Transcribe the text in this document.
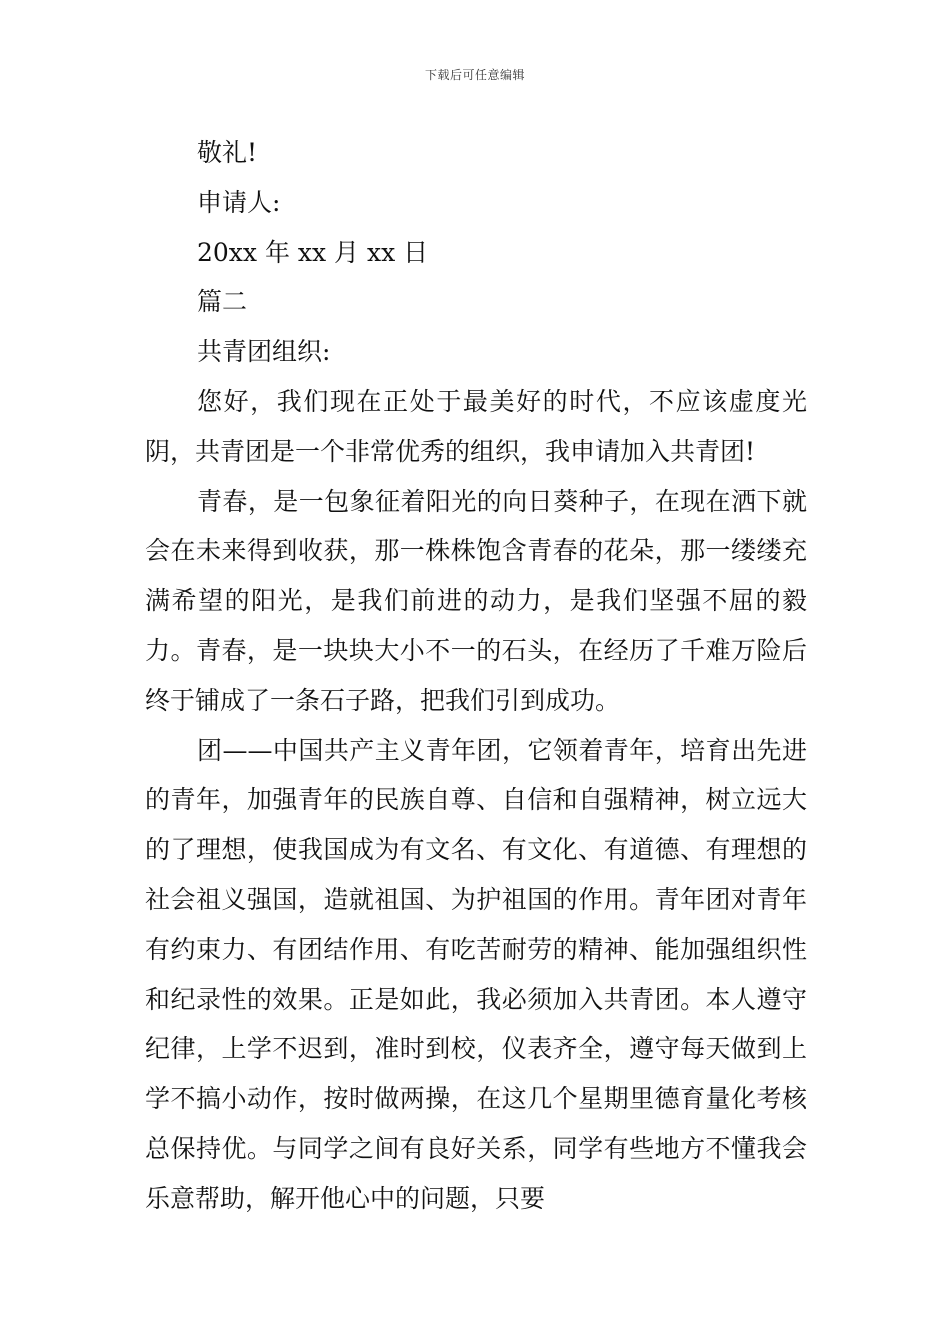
下载后可任意编辑
敬礼!
申请人:
20xx 年 xx 月 xx 日
篇二
共青团组织:

您好，我们现在正处于最美好的时代，不应该虚度光阴，共青团是一个非常优秀的组织，我申请加入共青团!

青春，是一包象征着阳光的向日葵种子，在现在洒下就会在未来得到收获，那一株株饱含青春的花朵，那一缕缕充满希望的阳光，是我们前进的动力，是我们坚强不屈的毅力。青春，是一块块大小不一的石头，在经历了千难万险后终于铺成了一条石子路，把我们引到成功。

团——中国共产主义青年团，它领着青年，培育出先进的青年，加强青年的民族自尊、自信和自强精神，树立远大的了理想，使我国成为有文名、有文化、有道德、有理想的社会祖义强国，造就祖国、为护祖国的作用。青年团对青年有约束力、有团结作用、有吃苦耐劳的精神、能加强组织性和纪录性的效果。正是如此，我必须加入共青团。本人遵守纪律，上学不迟到，准时到校，仪表齐全，遵守每天做到上学不搞小动作，按时做两操，在这几个星期里德育量化考核总保持优。与同学之间有良好关系，同学有些地方不懂我会乐意帮助，解开他心中的问题，只要
